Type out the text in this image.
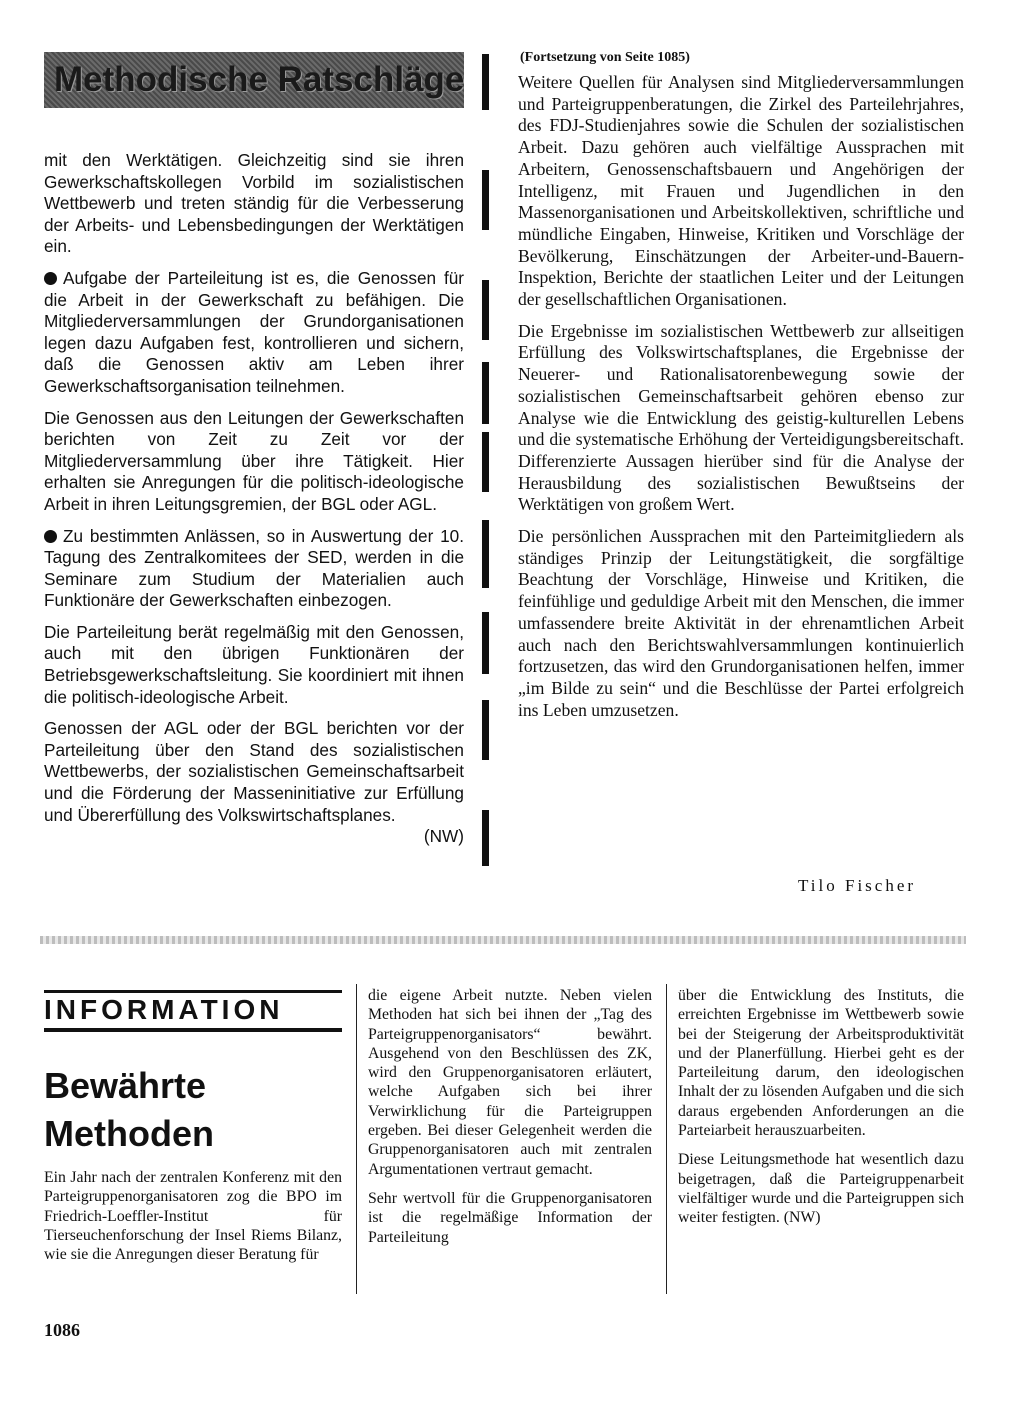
Methodische Ratschläge

mit den Werktätigen. Gleichzeitig sind sie ihren Gewerkschaftskollegen Vorbild im sozialistischen Wettbewerb und treten ständig für die Verbesserung der Arbeits- und Lebensbedingungen der Werktätigen ein.

Aufgabe der Parteileitung ist es, die Genossen für die Arbeit in der Gewerkschaft zu befähigen. Die Mitgliederversammlungen der Grundorganisationen legen dazu Aufgaben fest, kontrollieren und sichern, daß die Genossen aktiv am Leben ihrer Gewerkschaftsorganisation teilnehmen.

Die Genossen aus den Leitungen der Gewerkschaften berichten von Zeit zu Zeit vor der Mitgliederversammlung über ihre Tätigkeit. Hier erhalten sie Anregungen für die politisch-ideologische Arbeit in ihren Leitungsgremien, der BGL oder AGL.

Zu bestimmten Anlässen, so in Auswertung der 10. Tagung des Zentralkomitees der SED, werden in die Seminare zum Studium der Materialien auch Funktionäre der Gewerkschaften einbezogen.

Die Parteileitung berät regelmäßig mit den Genossen, auch mit den übrigen Funktionären der Betriebsgewerkschaftsleitung. Sie koordiniert mit ihnen die politisch-ideologische Arbeit.

Genossen der AGL oder der BGL berichten vor der Parteileitung über den Stand des sozialistischen Wettbewerbs, der sozialistischen Gemeinschaftsarbeit und die Förderung der Masseninitiative zur Erfüllung und Übererfüllung des Volkswirtschaftsplanes.

(NW)
(Fortsetzung von Seite 1085)

Weitere Quellen für Analysen sind Mitgliederversammlungen und Parteigruppenberatungen, die Zirkel des Parteilehrjahres, des FDJ-Studienjahres sowie die Schulen der sozialistischen Arbeit. Dazu gehören auch vielfältige Aussprachen mit Arbeitern, Genossenschaftsbauern und Angehörigen der Intelligenz, mit Frauen und Jugendlichen in den Massenorganisationen und Arbeitskollektiven, schriftliche und mündliche Eingaben, Hinweise, Kritiken und Vorschläge der Bevölkerung, Einschätzungen der Arbeiter-und-Bauern-Inspektion, Berichte der staatlichen Leiter und der Leitungen der gesellschaftlichen Organisationen.

Die Ergebnisse im sozialistischen Wettbewerb zur allseitigen Erfüllung des Volkswirtschaftsplanes, die Ergebnisse der Neuerer- und Rationalisatorenbewegung sowie der sozialistischen Gemeinschaftsarbeit gehören ebenso zur Analyse wie die Entwicklung des geistig-kulturellen Lebens und die systematische Erhöhung der Verteidigungsbereitschaft. Differenzierte Aussagen hierüber sind für die Analyse der Herausbildung des sozialistischen Bewußtseins der Werktätigen von großem Wert.

Die persönlichen Aussprachen mit den Parteimitgliedern als ständiges Prinzip der Leitungstätigkeit, die sorgfältige Beachtung der Vorschläge, Hinweise und Kritiken, die feinfühlige und geduldige Arbeit mit den Menschen, die immer umfassendere breite Aktivität in der ehrenamtlichen Arbeit auch nach den Berichtswahlversammlungen kontinuierlich fortzusetzen, das wird den Grundorganisationen helfen, immer „im Bilde zu sein“ und die Beschlüsse der Partei erfolgreich ins Leben umzusetzen.

Tilo Fischer
INFORMATION
Bewährte
Methoden

Ein Jahr nach der zentralen Konferenz mit den Parteigruppenorganisatoren zog die BPO im Friedrich-Loeffler-Institut für Tierseuchenforschung der Insel Riems Bilanz, wie sie die Anregungen dieser Beratung für

die eigene Arbeit nutzte. Neben vielen Methoden hat sich bei ihnen der „Tag des Parteigruppenorganisators“ bewährt. Ausgehend von den Beschlüssen des ZK, wird den Gruppenorganisatoren erläutert, welche Aufgaben sich bei ihrer Verwirklichung für die Parteigruppen ergeben. Bei dieser Gelegenheit werden die Gruppenorganisatoren auch mit zentralen Argumentationen vertraut gemacht.

Sehr wertvoll für die Gruppenorganisatoren ist die regelmäßige Information der Parteileitung

über die Entwicklung des Instituts, die erreichten Ergebnisse im Wettbewerb sowie bei der Steigerung der Arbeitsproduktivität und der Planerfüllung. Hierbei geht es der Parteileitung darum, den ideologischen Inhalt der zu lösenden Aufgaben und die sich daraus ergebenden Anforderungen an die Parteiarbeit herauszuarbeiten.

Diese Leitungsmethode hat wesentlich dazu beigetragen, daß die Parteigruppenarbeit vielfältiger wurde und die Parteigruppen sich weiter festigten. (NW)

1086
